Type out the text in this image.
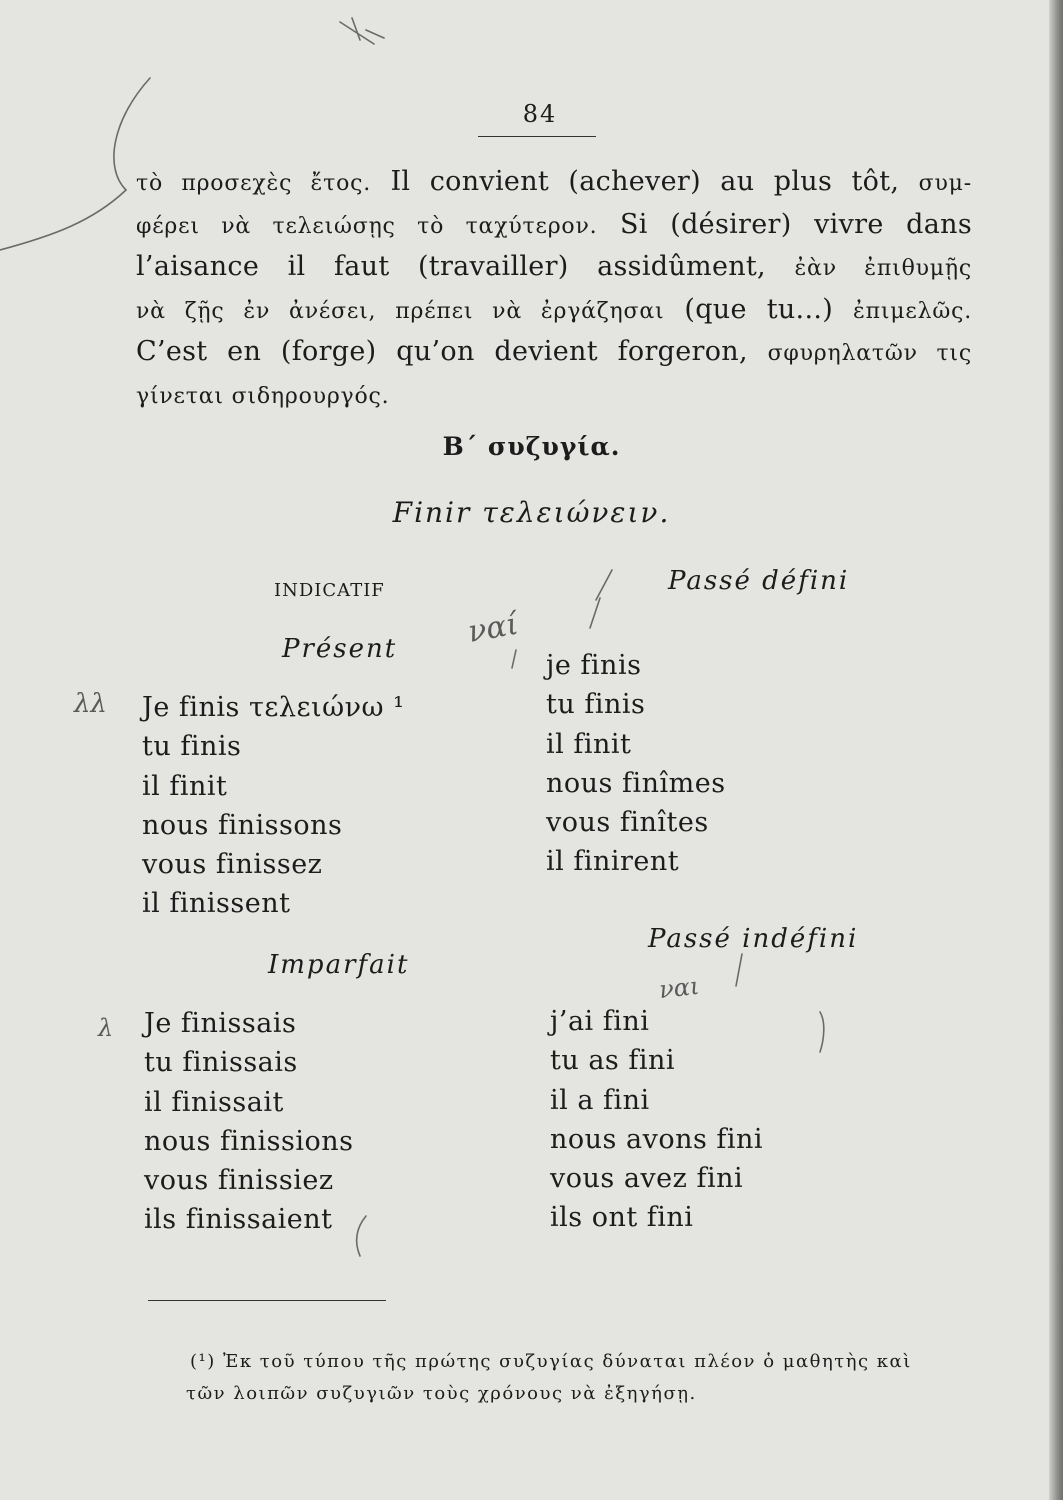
84
τὸ προσεχὲς ἔτος. Il convient (achever) au plus tôt, συμ-
φέρει νὰ τελειώσῃς τὸ ταχύτερον. Si (désirer) vivre dans
l’aisance il faut (travailler) assidûment, ἐὰν ἐπιθυμῇς
νὰ ζῇς ἐν ἀνέσει, πρέπει νὰ ἐργάζησαι (que tu...) ἐπιμελῶς.
C’est en (forge) qu’on devient forgeron, σφυρηλατῶν τις
γίνεται σιδηρουργός.
Β΄ συζυγία.
Finir τελειώνειν.
INDICATIF
Présent
Je finis τελειώνω ¹
tu finis
il finit
nous finissons
vous finissez
il finissent
Imparfait
Je finissais
tu finissais
il finissait
nous finissions
vous finissiez
ils finissaient
Passé défini
je finis
tu finis
il finit
nous finîmes
vous finîtes
il finirent
Passé indéfini
j’ai fini
tu as fini
il a fini
nous avons fini
vous avez fini
ils ont fini
(¹) Ἐκ τοῦ τύπου τῆς πρώτης συζυγίας δύναται πλέον ὁ μαθητὴς καὶ
τῶν λοιπῶν συζυγιῶν τοὺς χρόνους νὰ ἐξηγήσῃ.
ναί
ναι
λλ
λ
